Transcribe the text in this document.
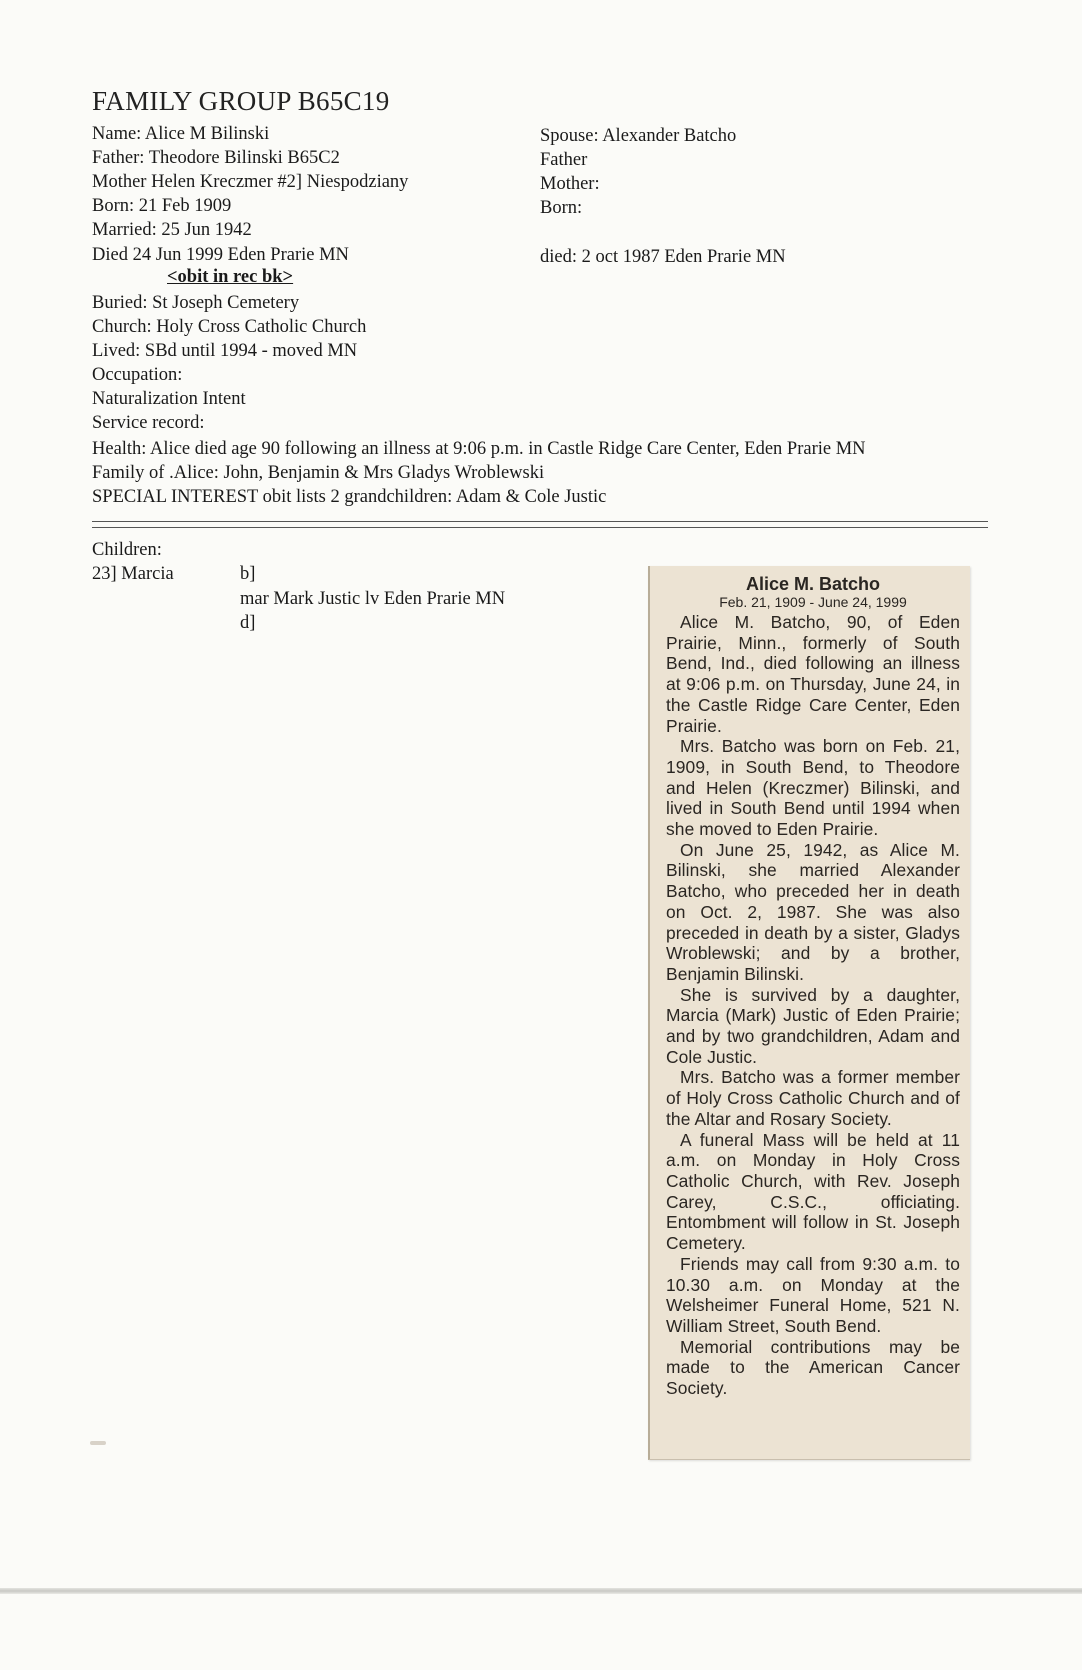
FAMILY GROUP B65C19
Name: Alice M Bilinski
Father: Theodore Bilinski B65C2
Mother Helen Kreczmer #2] Niespodziany
Born: 21 Feb 1909
Married: 25 Jun 1942
Died 24 Jun 1999 Eden Prarie MN
<obit in rec bk>
Buried: St Joseph Cemetery
Church: Holy Cross Catholic Church
Lived: SBd until 1994 - moved MN
Occupation:
Naturalization Intent
Service record:
Health: Alice died age 90 following an illness at 9:06 p.m. in Castle Ridge Care Center, Eden Prarie MN
Family of .Alice: John, Benjamin & Mrs Gladys Wroblewski
SPECIAL INTEREST obit lists 2 grandchildren: Adam & Cole Justic
Spouse: Alexander Batcho
Father
Mother:
Born:
died: 2 oct 1987 Eden Prarie MN
Children:
23] Marcia	b]
mar Mark Justic lv Eden Prarie MN
d]
Alice M. Batcho
Feb. 21, 1909 - June 24, 1999

Alice M. Batcho, 90, of Eden Prairie, Minn., formerly of South Bend, Ind., died following an illness at 9:06 p.m. on Thursday, June 24, in the Castle Ridge Care Center, Eden Prairie.

Mrs. Batcho was born on Feb. 21, 1909, in South Bend, to Theodore and Helen (Kreczmer) Bilinski, and lived in South Bend until 1994 when she moved to Eden Prairie.

On June 25, 1942, as Alice M. Bilinski, she married Alexander Batcho, who preceded her in death on Oct. 2, 1987. She was also preceded in death by a sister, Gladys Wroblewski; and by a brother, Benjamin Bilinski.

She is survived by a daughter, Marcia (Mark) Justic of Eden Prairie; and by two grandchildren, Adam and Cole Justic.

Mrs. Batcho was a former member of Holy Cross Catholic Church and of the Altar and Rosary Society.

A funeral Mass will be held at 11 a.m. on Monday in Holy Cross Catholic Church, with Rev. Joseph Carey, C.S.C., officiating. Entombment will follow in St. Joseph Cemetery.

Friends may call from 9:30 a.m. to 10.30 a.m. on Monday at the Welsheimer Funeral Home, 521 N. William Street, South Bend.

Memorial contributions may be made to the American Cancer Society.
